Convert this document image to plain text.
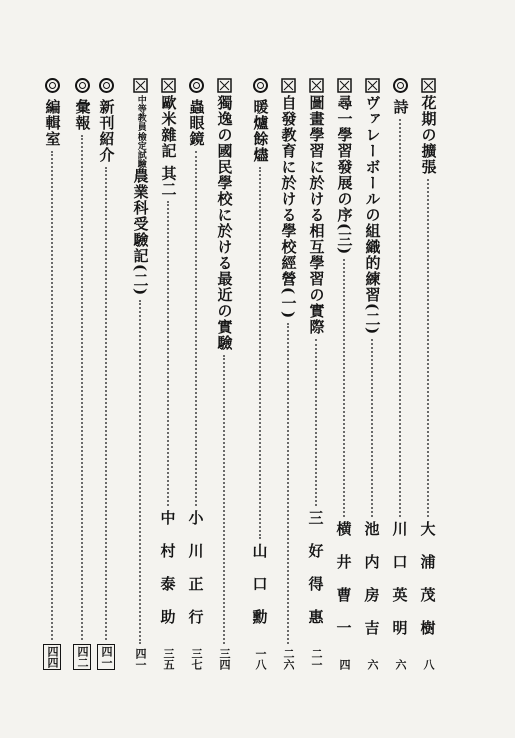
花期の擴張
大浦茂樹
八
詩
川口英明
六
ヴァレーボールの組織的練習(二)
池内房吉
六
尋一學習發展の序(三)
横井曹一
四
圖畫學習に於ける相互學習の實際
三好得惠
二一
自發教育に於ける學校經營(一)
二六
暖爐餘燼
山口勳
一八
獨逸の國民學校に於ける最近の實驗
三四
蟲眼鏡
小川正行
三七
歐米雜記 其二
中村泰助
三五
中等教員
檢定試驗
農業科受驗記(二)
四一
新刊紹介
四一
彙報
四二
編輯室
四四
